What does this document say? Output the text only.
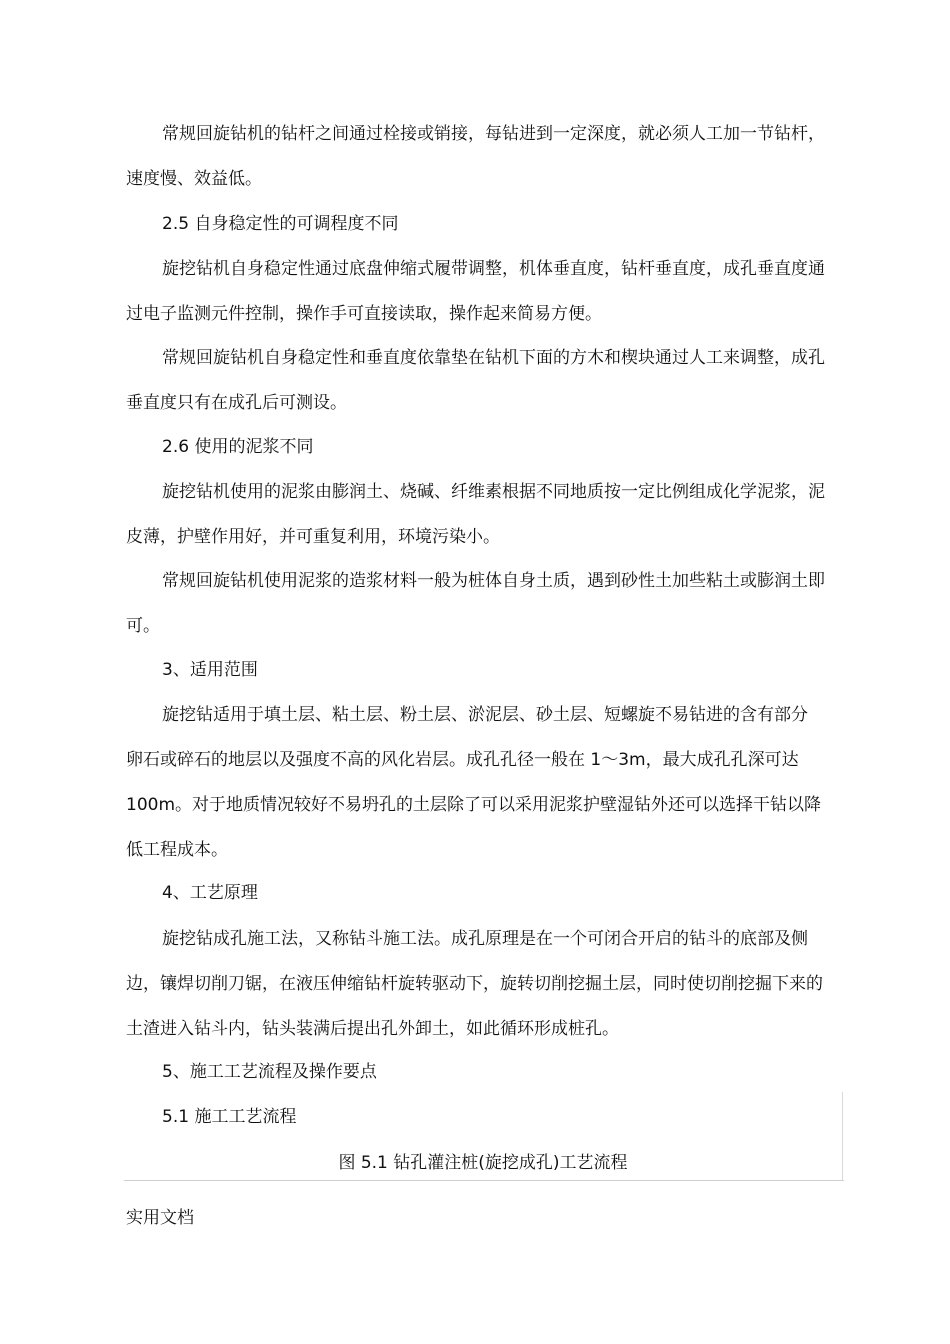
常规回旋钻机的钻杆之间通过栓接或销接，每钻进到一定深度，就必须人工加一节钻杆，
速度慢、效益低。
2.5 自身稳定性的可调程度不同
旋挖钻机自身稳定性通过底盘伸缩式履带调整，机体垂直度，钻杆垂直度，成孔垂直度通
过电子监测元件控制，操作手可直接读取，操作起来简易方便。
常规回旋钻机自身稳定性和垂直度依靠垫在钻机下面的方木和楔块通过人工来调整，成孔
垂直度只有在成孔后可测设。
2.6 使用的泥浆不同
旋挖钻机使用的泥浆由膨润土、烧碱、纤维素根据不同地质按一定比例组成化学泥浆，泥
皮薄，护壁作用好，并可重复利用，环境污染小。
常规回旋钻机使用泥浆的造浆材料一般为桩体自身土质，遇到砂性土加些粘土或膨润土即
可。
3、适用范围
旋挖钻适用于填土层、粘土层、粉土层、淤泥层、砂土层、短螺旋不易钻进的含有部分
卵石或碎石的地层以及强度不高的风化岩层。成孔孔径一般在 1～3m，最大成孔孔深可达
100m。对于地质情况较好不易坍孔的土层除了可以采用泥浆护壁湿钻外还可以选择干钻以降
低工程成本。
4、工艺原理
旋挖钻成孔施工法，又称钻斗施工法。成孔原理是在一个可闭合开启的钻斗的底部及侧
边，镶焊切削刀锯，在液压伸缩钻杆旋转驱动下，旋转切削挖掘土层，同时使切削挖掘下来的
土渣进入钻斗内，钻头装满后提出孔外卸土，如此循环形成桩孔。
5、施工工艺流程及操作要点
5.1 施工工艺流程
图 5.1 钻孔灌注桩(旋挖成孔)工艺流程
实用文档
